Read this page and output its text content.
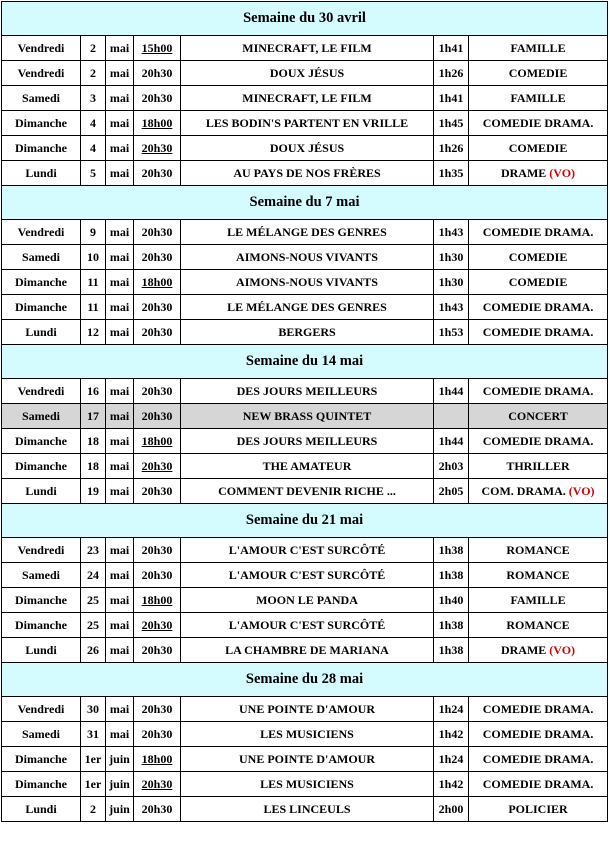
Semaine du 30 avril						
Vendredi	2	mai	15h00	MINECRAFT, LE FILM	1h41	FAMILLE
Vendredi	2	mai	20h30	DOUX JÉSUS	1h26	COMEDIE
Samedi	3	mai	20h30	MINECRAFT, LE FILM	1h41	FAMILLE
Dimanche	4	mai	18h00	LES BODIN'S PARTENT EN VRILLE	1h45	COMEDIE DRAMA.
Dimanche	4	mai	20h30	DOUX JÉSUS	1h26	COMEDIE
Lundi	5	mai	20h30	AU PAYS DE NOS FRÈRES	1h35	DRAME (VO)
Semaine du 7 mai						
Vendredi	9	mai	20h30	LE MÉLANGE DES GENRES	1h43	COMEDIE DRAMA.
Samedi	10	mai	20h30	AIMONS-NOUS VIVANTS	1h30	COMEDIE
Dimanche	11	mai	18h00	AIMONS-NOUS VIVANTS	1h30	COMEDIE
Dimanche	11	mai	20h30	LE MÉLANGE DES GENRES	1h43	COMEDIE DRAMA.
Lundi	12	mai	20h30	BERGERS	1h53	COMEDIE DRAMA.
Semaine du 14 mai						
Vendredi	16	mai	20h30	DES JOURS MEILLEURS	1h44	COMEDIE DRAMA.
Samedi	17	mai	20h30	NEW BRASS QUINTET		CONCERT
Dimanche	18	mai	18h00	DES JOURS MEILLEURS	1h44	COMEDIE DRAMA.
Dimanche	18	mai	20h30	THE AMATEUR	2h03	THRILLER
Lundi	19	mai	20h30	COMMENT DEVENIR RICHE ...	2h05	COM. DRAMA. (VO)
Semaine du 21 mai						
Vendredi	23	mai	20h30	L'AMOUR C'EST SURCÔTÉ	1h38	ROMANCE
Samedi	24	mai	20h30	L'AMOUR C'EST SURCÔTÉ	1h38	ROMANCE
Dimanche	25	mai	18h00	MOON LE PANDA	1h40	FAMILLE
Dimanche	25	mai	20h30	L'AMOUR C'EST SURCÔTÉ	1h38	ROMANCE
Lundi	26	mai	20h30	LA CHAMBRE DE MARIANA	1h38	DRAME (VO)
Semaine du 28 mai						
Vendredi	30	mai	20h30	UNE POINTE D'AMOUR	1h24	COMEDIE DRAMA.
Samedi	31	mai	20h30	LES MUSICIENS	1h42	COMEDIE DRAMA.
Dimanche	1er	juin	18h00	UNE POINTE D'AMOUR	1h24	COMEDIE DRAMA.
Dimanche	1er	juin	20h30	LES MUSICIENS	1h42	COMEDIE DRAMA.
Lundi	2	juin	20h30	LES LINCEULS	2h00	POLICIER
